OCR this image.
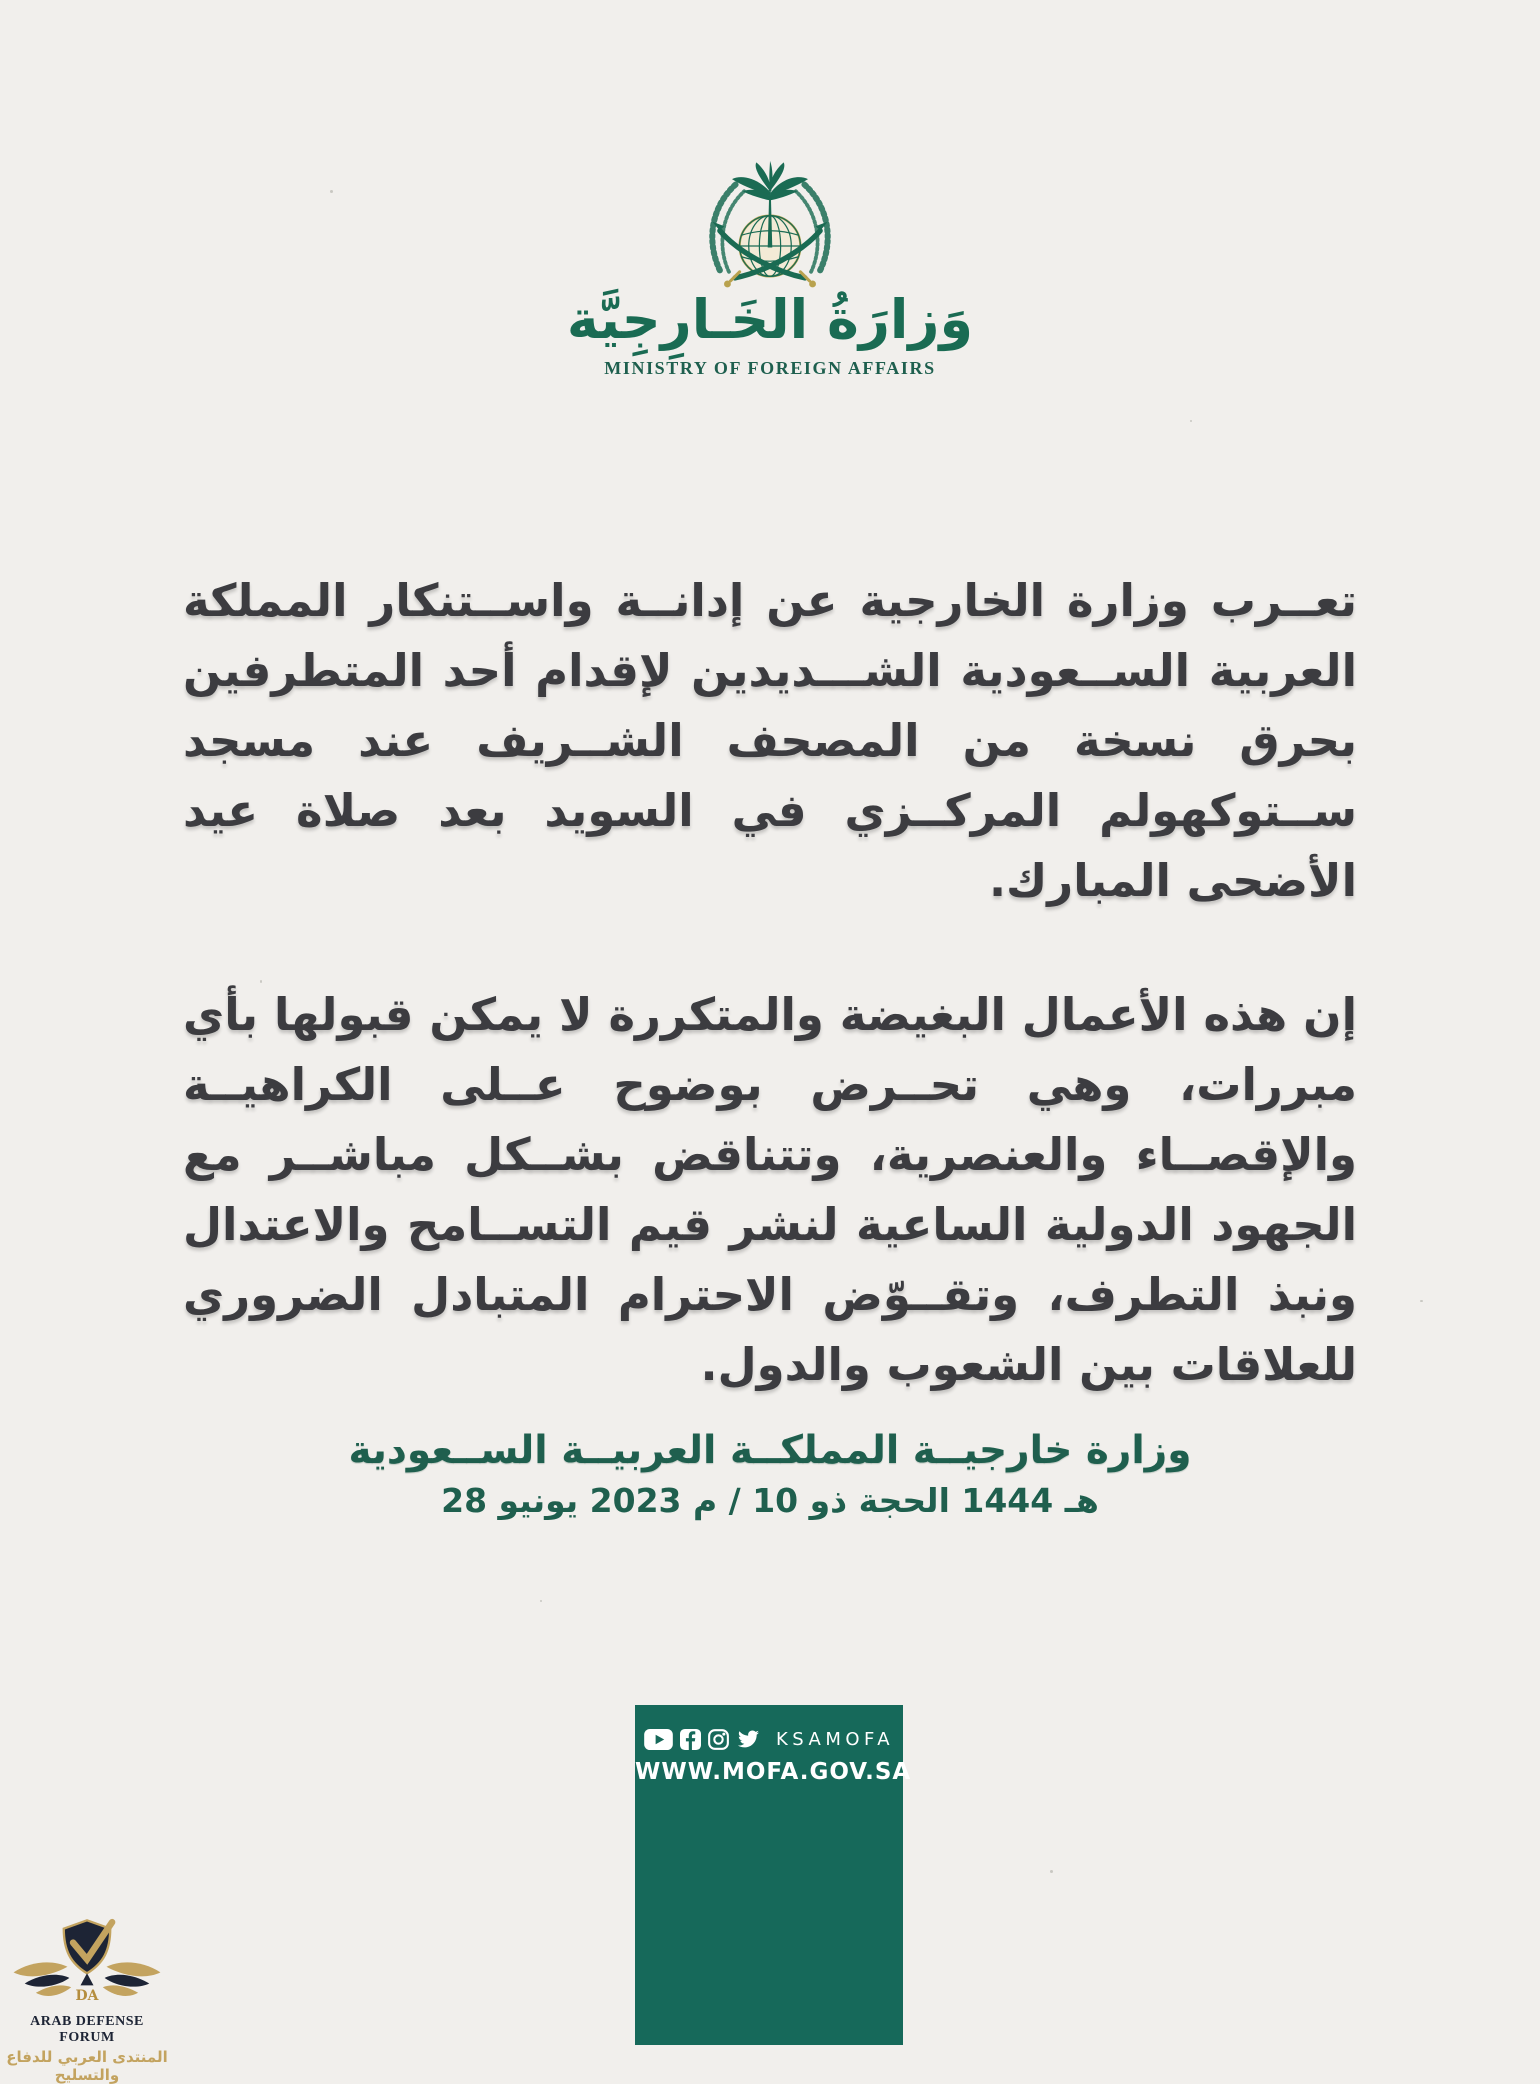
وَزارَةُ الخَـارِجِيَّة
MINISTRY OF FOREIGN AFFAIRS

تعــرب وزارة الخارجية عن إدانــة واســتنكار المملكة العربية الســعودية الشـــديدين لإقدام أحد المتطرفين بحرق نسخة من المصحف الشــريف عند مسجد ســتوكهولم المركــزي في السويد بعد صلاة عيد الأضحى المبارك.

إن هذه الأعمال البغيضة والمتكررة لا يمكن قبولها بأي مبررات، وهي تحــرض بوضوح عــلى الكراهيــة والإقصــاء والعنصرية، وتتناقض بشــكل مباشــر مع الجهود الدولية الساعية لنشر قيم التســامح والاعتدال ونبذ التطرف، وتقــوّض الاحترام المتبادل الضروري للعلاقات بين الشعوب والدول.

وزارة خارجيــة المملكــة العربيــة الســعودية
28 ‎يونيو ‎2023 ‎م ‎/ ‎10 ‎ذو ‎الحجة ‎1444 ‎هـ
KSAMOFA
WWW.MOFA.GOV.SA
DA
ARAB DEFENSE FORUM
المنتدى العربي للدفاع والتسليح
